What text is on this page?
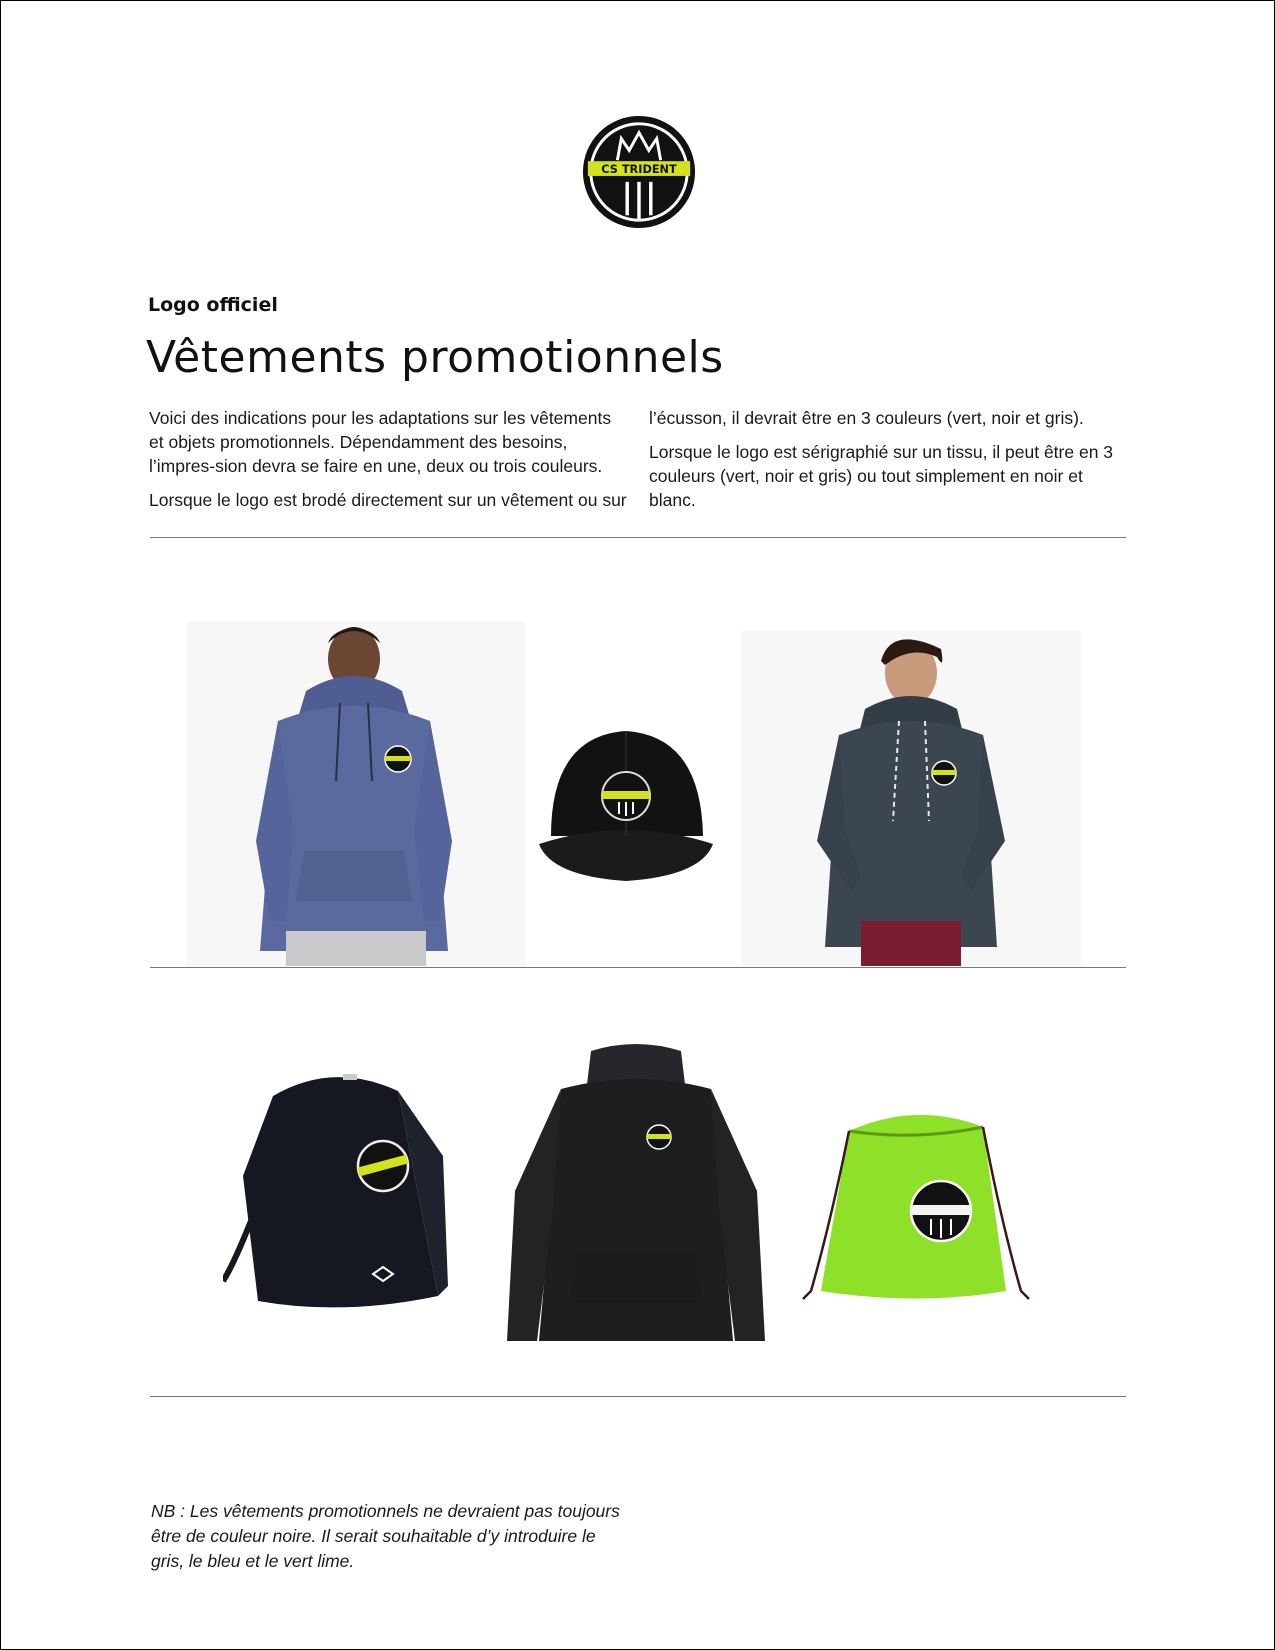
CS TRIDENT
Logo officiel
Vêtements promotionnels

Voici des indications pour les adaptations sur les vêtements et objets promotionnels. Dépendamment des besoins, l’impres-sion devra se faire en une, deux ou trois couleurs.

Lorsque le logo est brodé directement sur un vêtement ou sur

l’écusson, il devrait être en 3 couleurs (vert, noir et gris).

Lorsque le logo est sérigraphié sur un tissu, il peut être en 3 couleurs (vert, noir et gris) ou tout simplement en noir et blanc.

NB : Les vêtements promotionnels ne devraient pas toujours être de couleur noire. Il serait souhaitable d’y introduire le gris, le bleu et le vert lime.
